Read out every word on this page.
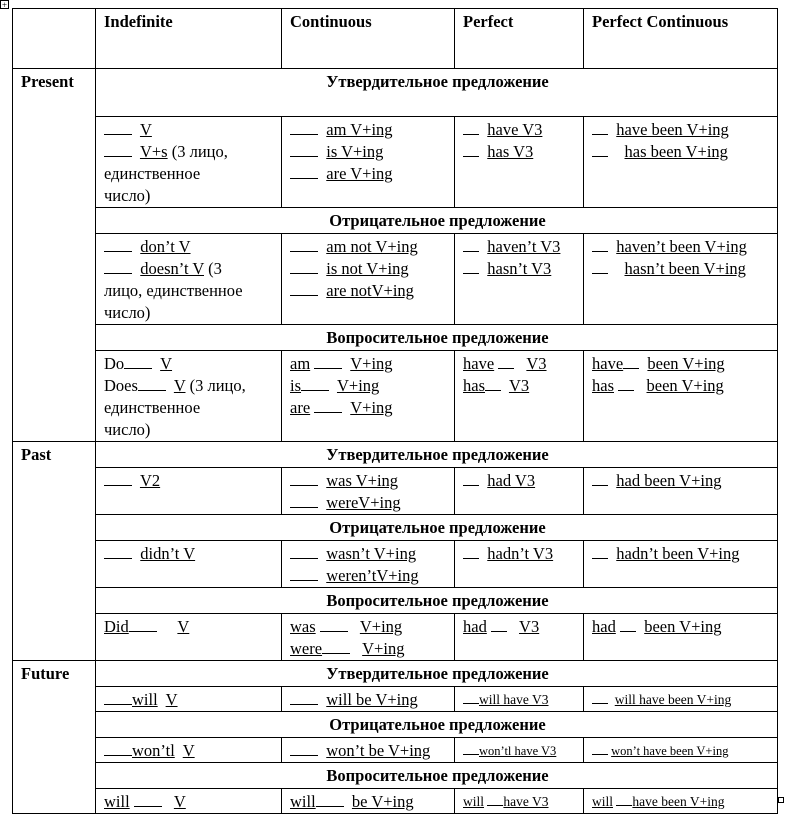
+
	Indefinite	Continuous	Perfect	Perfect Continuous
Present	Утвердительное предложение			

	V
V+s (3 лицо,
единственное
число)	am V+ing
is V+ing
are V+ing	have V3
has V3	have been V+ing
has been V+ing

	Отрицательное предложение			

	don’t V
doesn’t V (3
лицо, единственное
число)	am not V+ing
is not V+ing
are notV+ing	haven’t V3
hasn’t V3	haven’t been V+ing
hasn’t been V+ing

	Вопросительное предложение			

	Do V
Does V (3 лицо,
единственное
число)	am V+ing
is V+ing
are V+ing	have V3
has V3	have been V+ing
has been V+ing

Past	Утвердительное предложение			

	V2	was V+ing
wereV+ing	had V3	had been V+ing

	Отрицательное предложение			

	didn’t V	wasn’t V+ing
weren’tV+ing	hadn’t V3	hadn’t been V+ing

	Вопросительное предложение			

	Did V	was V+ing
were V+ing	had V3	had been V+ing

Future	Утвердительное предложение			

	will V	will be V+ing	will have V3	will have been V+ing

	Отрицательное предложение			

	won’tl V	won’t be V+ing	won’tl have V3	won’t have been V+ing

	Вопросительное предложение			

	will V	will be V+ing	will have V3	will have been V+ing
